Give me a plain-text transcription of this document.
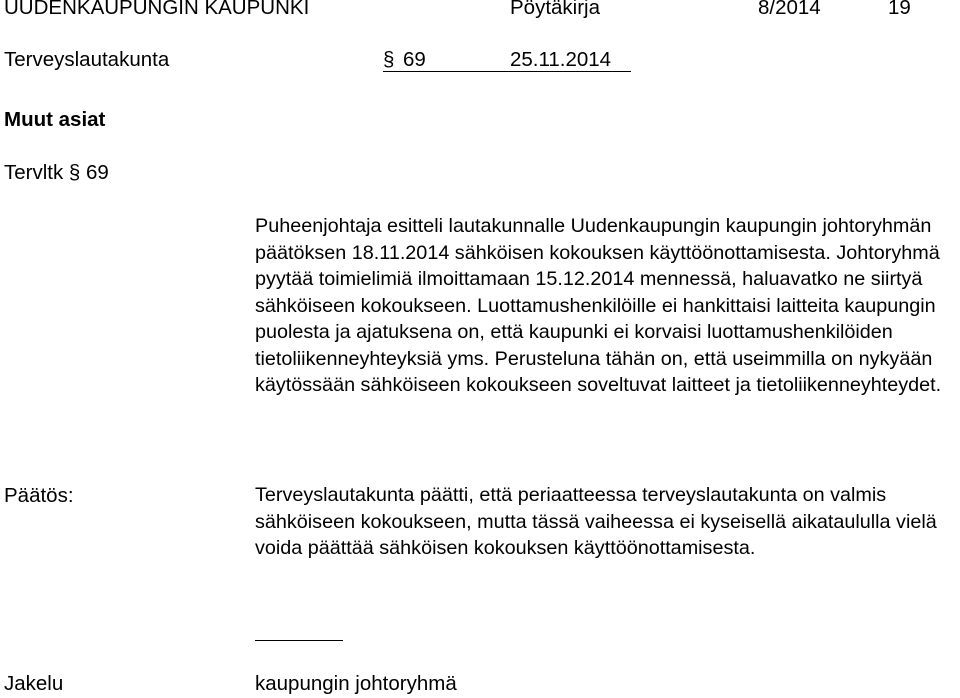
UUDENKAUPUNGIN KAUPUNKI	Pöytäkirja	8/2014	19
Terveyslautakunta	§ 69	25.11.2014
Muut asiat
Tervltk § 69
Puheenjohtaja esitteli lautakunnalle Uudenkaupungin kaupungin johtoryhmän päätöksen 18.11.2014 sähköisen kokouksen käyttöönottamisesta. Johtoryhmä pyytää toimielimiä ilmoittamaan 15.12.2014 mennessä, haluavatko ne siirtyä sähköiseen kokoukseen. Luottamushenkilöille ei hankittaisi laitteita kaupungin puolesta ja ajatuksena on, että kaupunki ei korvaisi luottamushenkilöiden tietoliikenneyhteyksiä yms. Perusteluna tähän on, että useimmilla on nykyään käytössään sähköiseen kokoukseen soveltuvat laitteet ja tietoliikenneyhteydet.
Päätös:	Terveyslautakunta päätti, että periaatteessa terveyslautakunta on valmis sähköiseen kokoukseen, mutta tässä vaiheessa ei kyseisellä aikataululla vielä voida päättää sähköisen kokouksen käyttöönottamisesta.
Jakelu	kaupungin johtoryhmä
